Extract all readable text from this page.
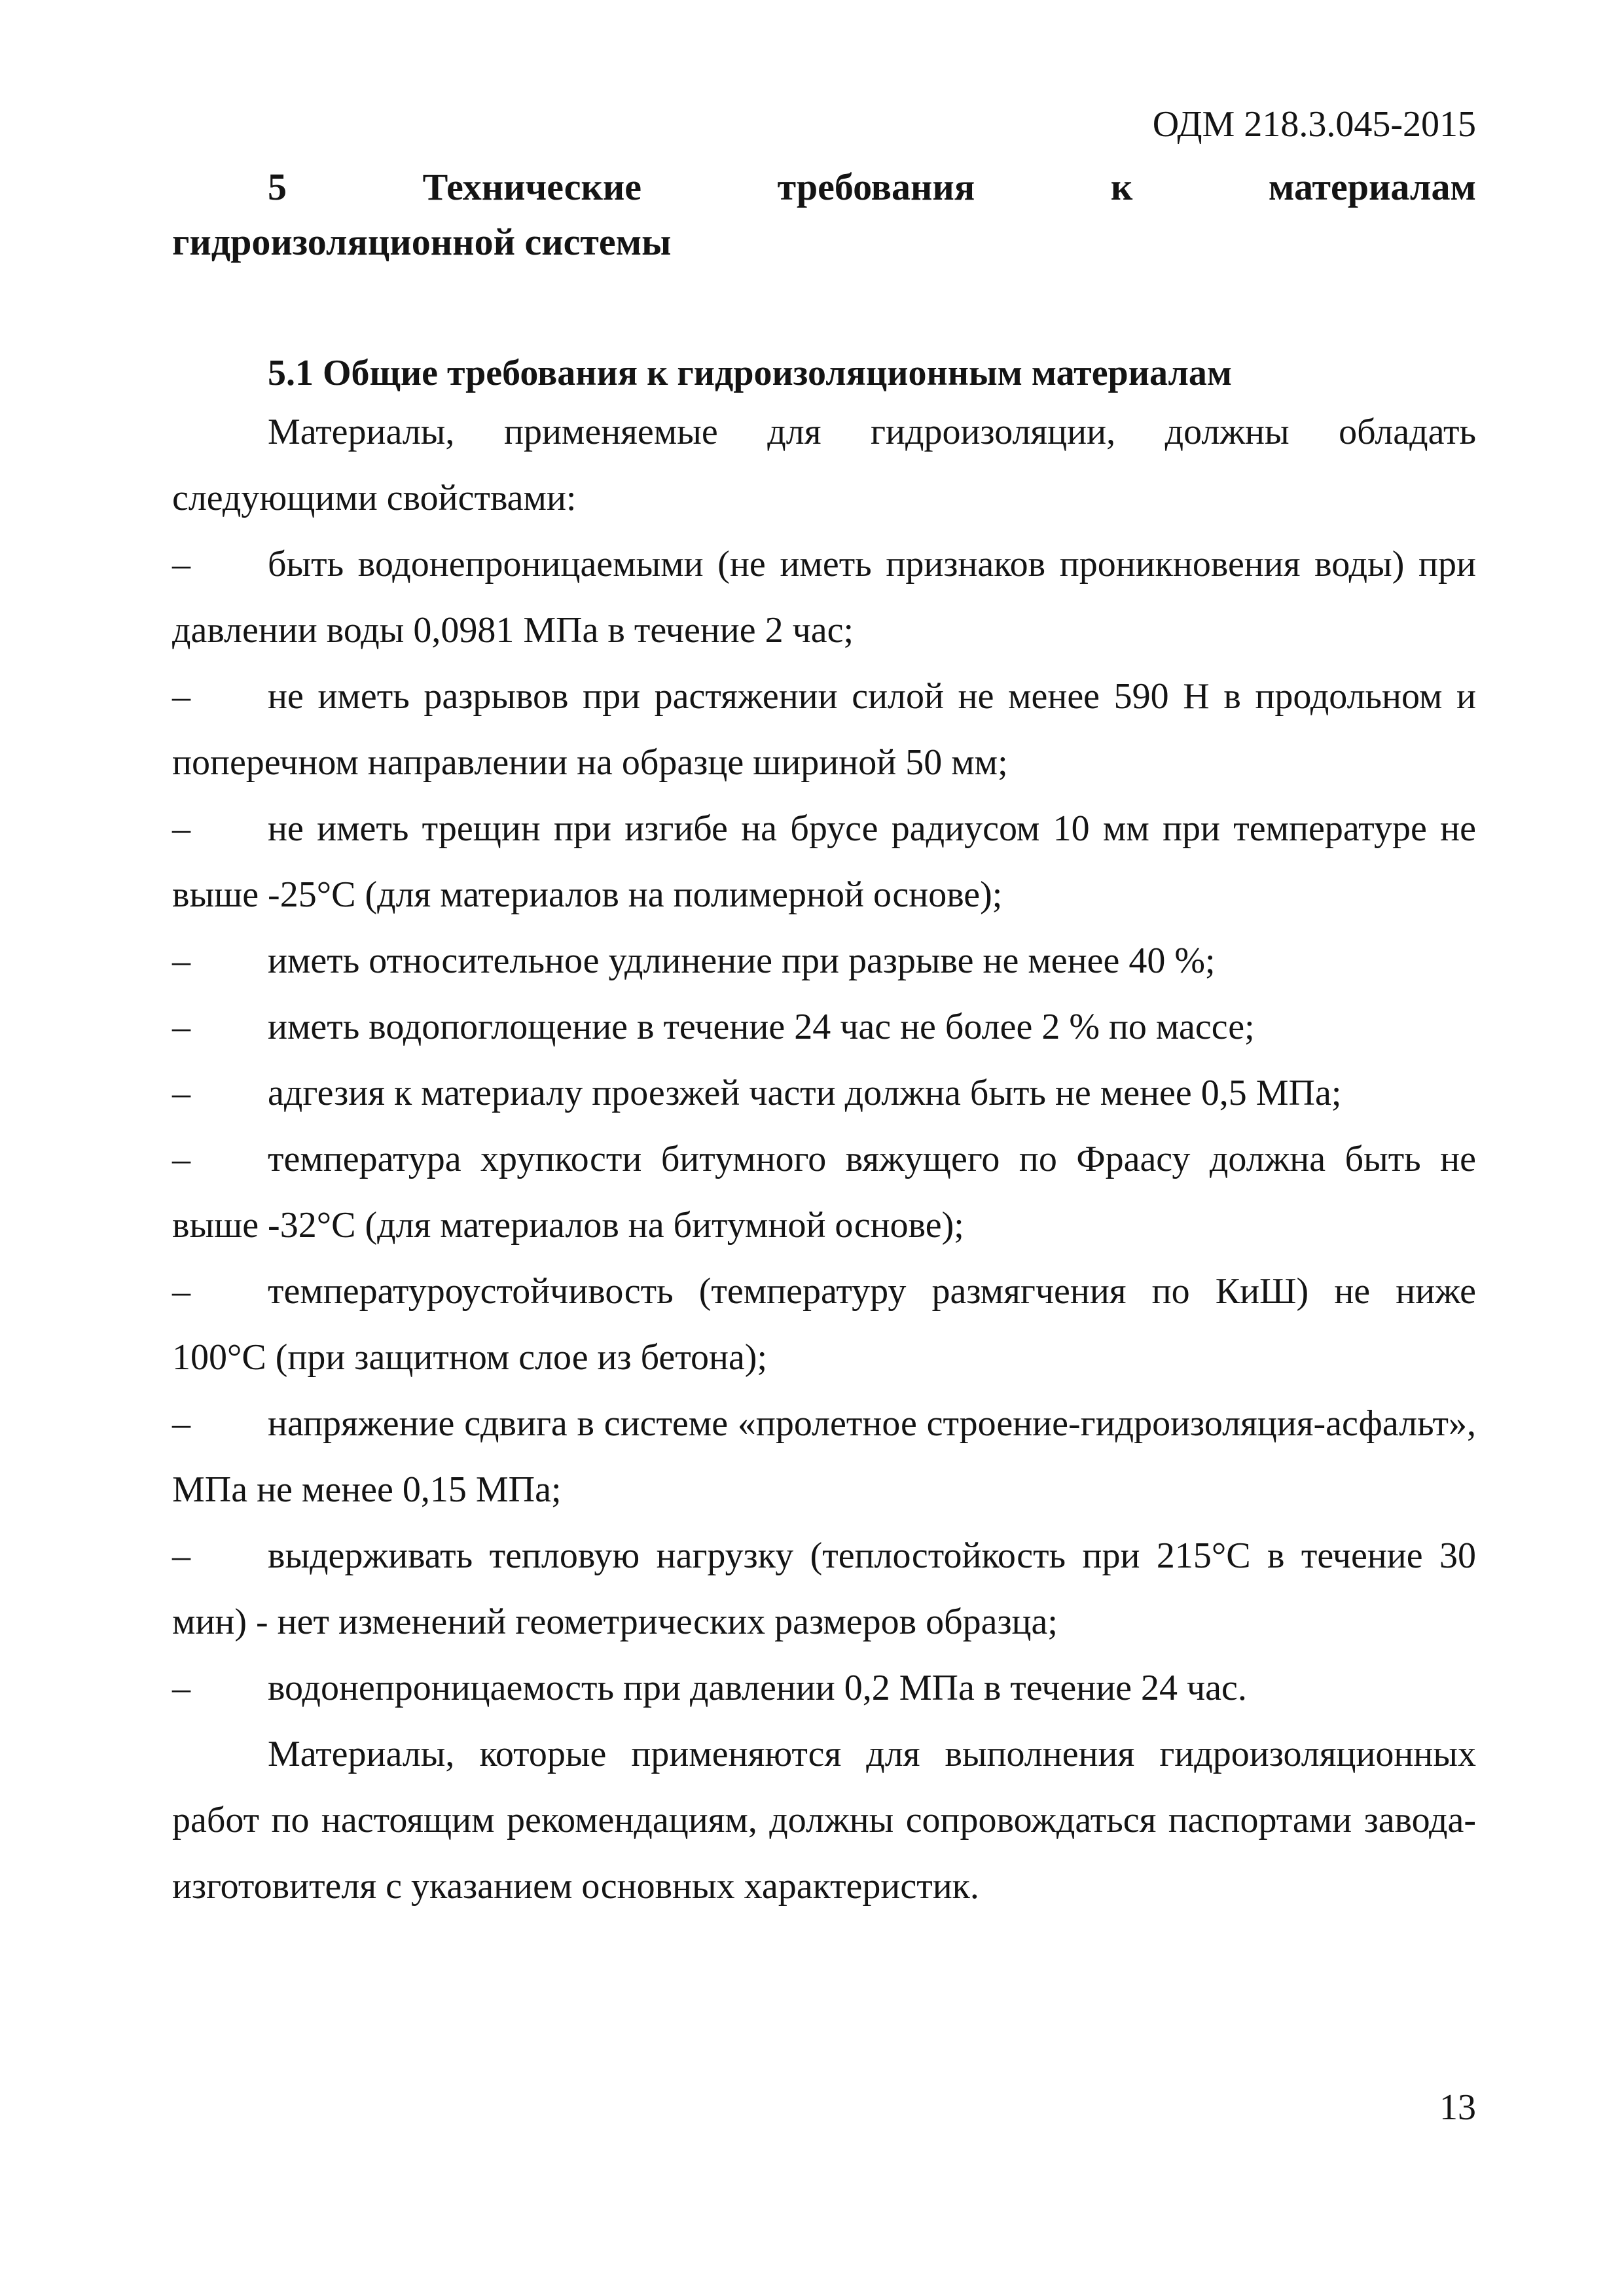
ОДМ 218.3.045-2015

5	Технические	требования	к	материалам
гидроизоляционной системы

5.1 Общие требования к гидроизоляционным материалам

Материалы, применяемые для гидроизоляции, должны обладать следующими свойствами:

– быть водонепроницаемыми (не иметь признаков проникновения воды) при давлении воды 0,0981 МПа в течение 2 час;
– не иметь разрывов при растяжении силой не менее 590 Н в продольном и поперечном направлении на образце шириной 50 мм;
– не иметь трещин при изгибе на брусе радиусом 10 мм при температуре не выше -25°С (для материалов на полимерной основе);
– иметь относительное удлинение при разрыве не менее 40 %;
– иметь водопоглощение в течение 24 час не более 2 % по массе;
– адгезия к материалу проезжей части должна быть не менее 0,5 МПа;
– температура хрупкости битумного вяжущего по Фраасу должна быть не выше -32°С (для материалов на битумной основе);
– температуроустойчивость (температуру размягчения по КиШ) не ниже 100°С (при защитном слое из бетона);
– напряжение сдвига в системе «пролетное строение-гидроизоляция-асфальт», МПа не менее 0,15 МПа;
– выдерживать тепловую нагрузку (теплостойкость при 215°С в течение 30 мин) - нет изменений геометрических размеров образца;
– водонепроницаемость при давлении 0,2 МПа в течение 24 час.

Материалы, которые применяются для выполнения гидроизоляционных работ по настоящим рекомендациям, должны сопровождаться паспортами завода-изготовителя с указанием основных характеристик.

13
